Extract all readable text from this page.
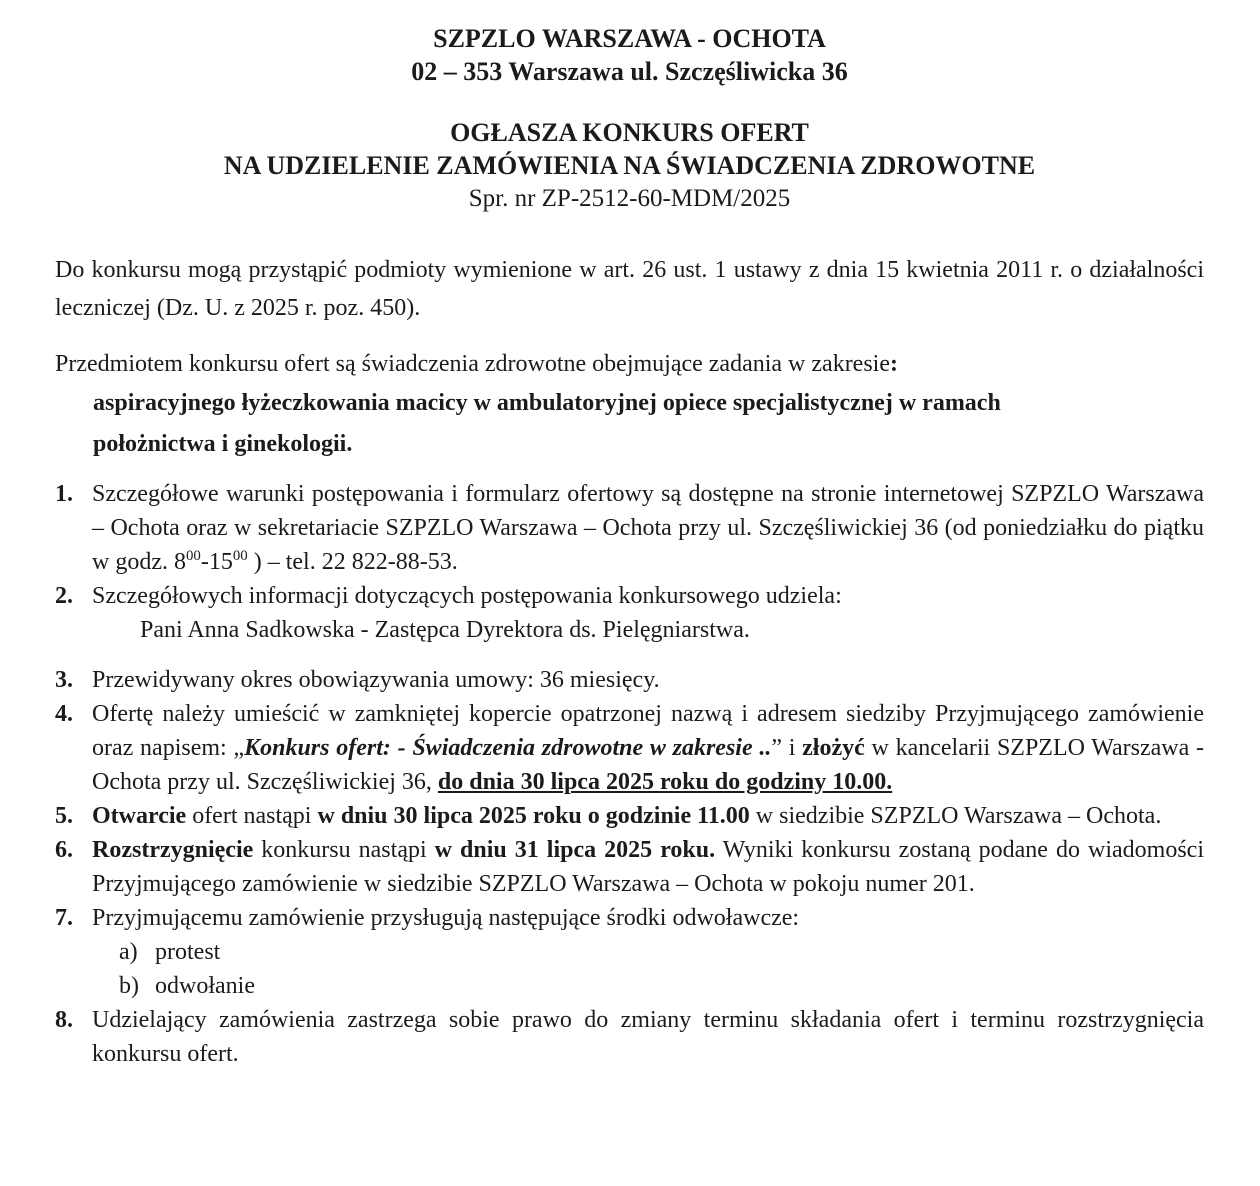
SZPZLO WARSZAWA - OCHOTA
02 – 353 Warszawa ul. Szczęśliwicka 36
OGŁASZA KONKURS OFERT
NA UDZIELENIE ZAMÓWIENIA NA ŚWIADCZENIA ZDROWOTNE
Spr. nr ZP-2512-60-MDM/2025

Do konkursu mogą przystąpić podmioty wymienione w art. 26 ust. 1 ustawy z dnia 15 kwietnia 2011 r. o działalności leczniczej (Dz. U. z 2025 r. poz. 450).

Przedmiotem konkursu ofert są świadczenia zdrowotne obejmujące zadania w zakresie:

aspiracyjnego łyżeczkowania macicy w ambulatoryjnej opiece specjalistycznej w ramach

położnictwa i ginekologii.

1. Szczegółowe warunki postępowania i formularz ofertowy są dostępne na stronie internetowej SZPZLO Warszawa – Ochota oraz w sekretariacie SZPZLO Warszawa – Ochota przy ul. Szczęśliwickiej 36 (od poniedziałku do piątku w godz. $8^{00}-15^{00}$ ) – tel. 22 822-88-53.
2. Szczegółowych informacji dotyczących postępowania konkursowego udziela:
Pani Anna Sadkowska - Zastępca Dyrektora ds. Pielęgniarstwa.
3. Przewidywany okres obowiązywania umowy: 36 miesięcy.
4. Ofertę należy umieścić w zamkniętej kopercie opatrzonej nazwą i adresem siedziby Przyjmującego zamówienie oraz napisem: „Konkurs ofert: - Świadczenia zdrowotne w zakresie ..” i złożyć w kancelarii SZPZLO Warszawa - Ochota przy ul. Szczęśliwickiej 36, do dnia 30 lipca 2025 roku do godziny 10.00.
5. Otwarcie ofert nastąpi w dniu 30 lipca 2025 roku o godzinie 11.00 w siedzibie SZPZLO Warszawa – Ochota.
6. Rozstrzygnięcie konkursu nastąpi w dniu 31 lipca 2025 roku. Wyniki konkursu zostaną podane do wiadomości Przyjmującego zamówienie w siedzibie SZPZLO Warszawa – Ochota w pokoju numer 201.
7. Przyjmującemu zamówienie przysługują następujące środki odwoławcze:
a) protest
b) odwołanie
8. Udzielający zamówienia zastrzega sobie prawo do zmiany terminu składania ofert i terminu rozstrzygnięcia konkursu ofert.
